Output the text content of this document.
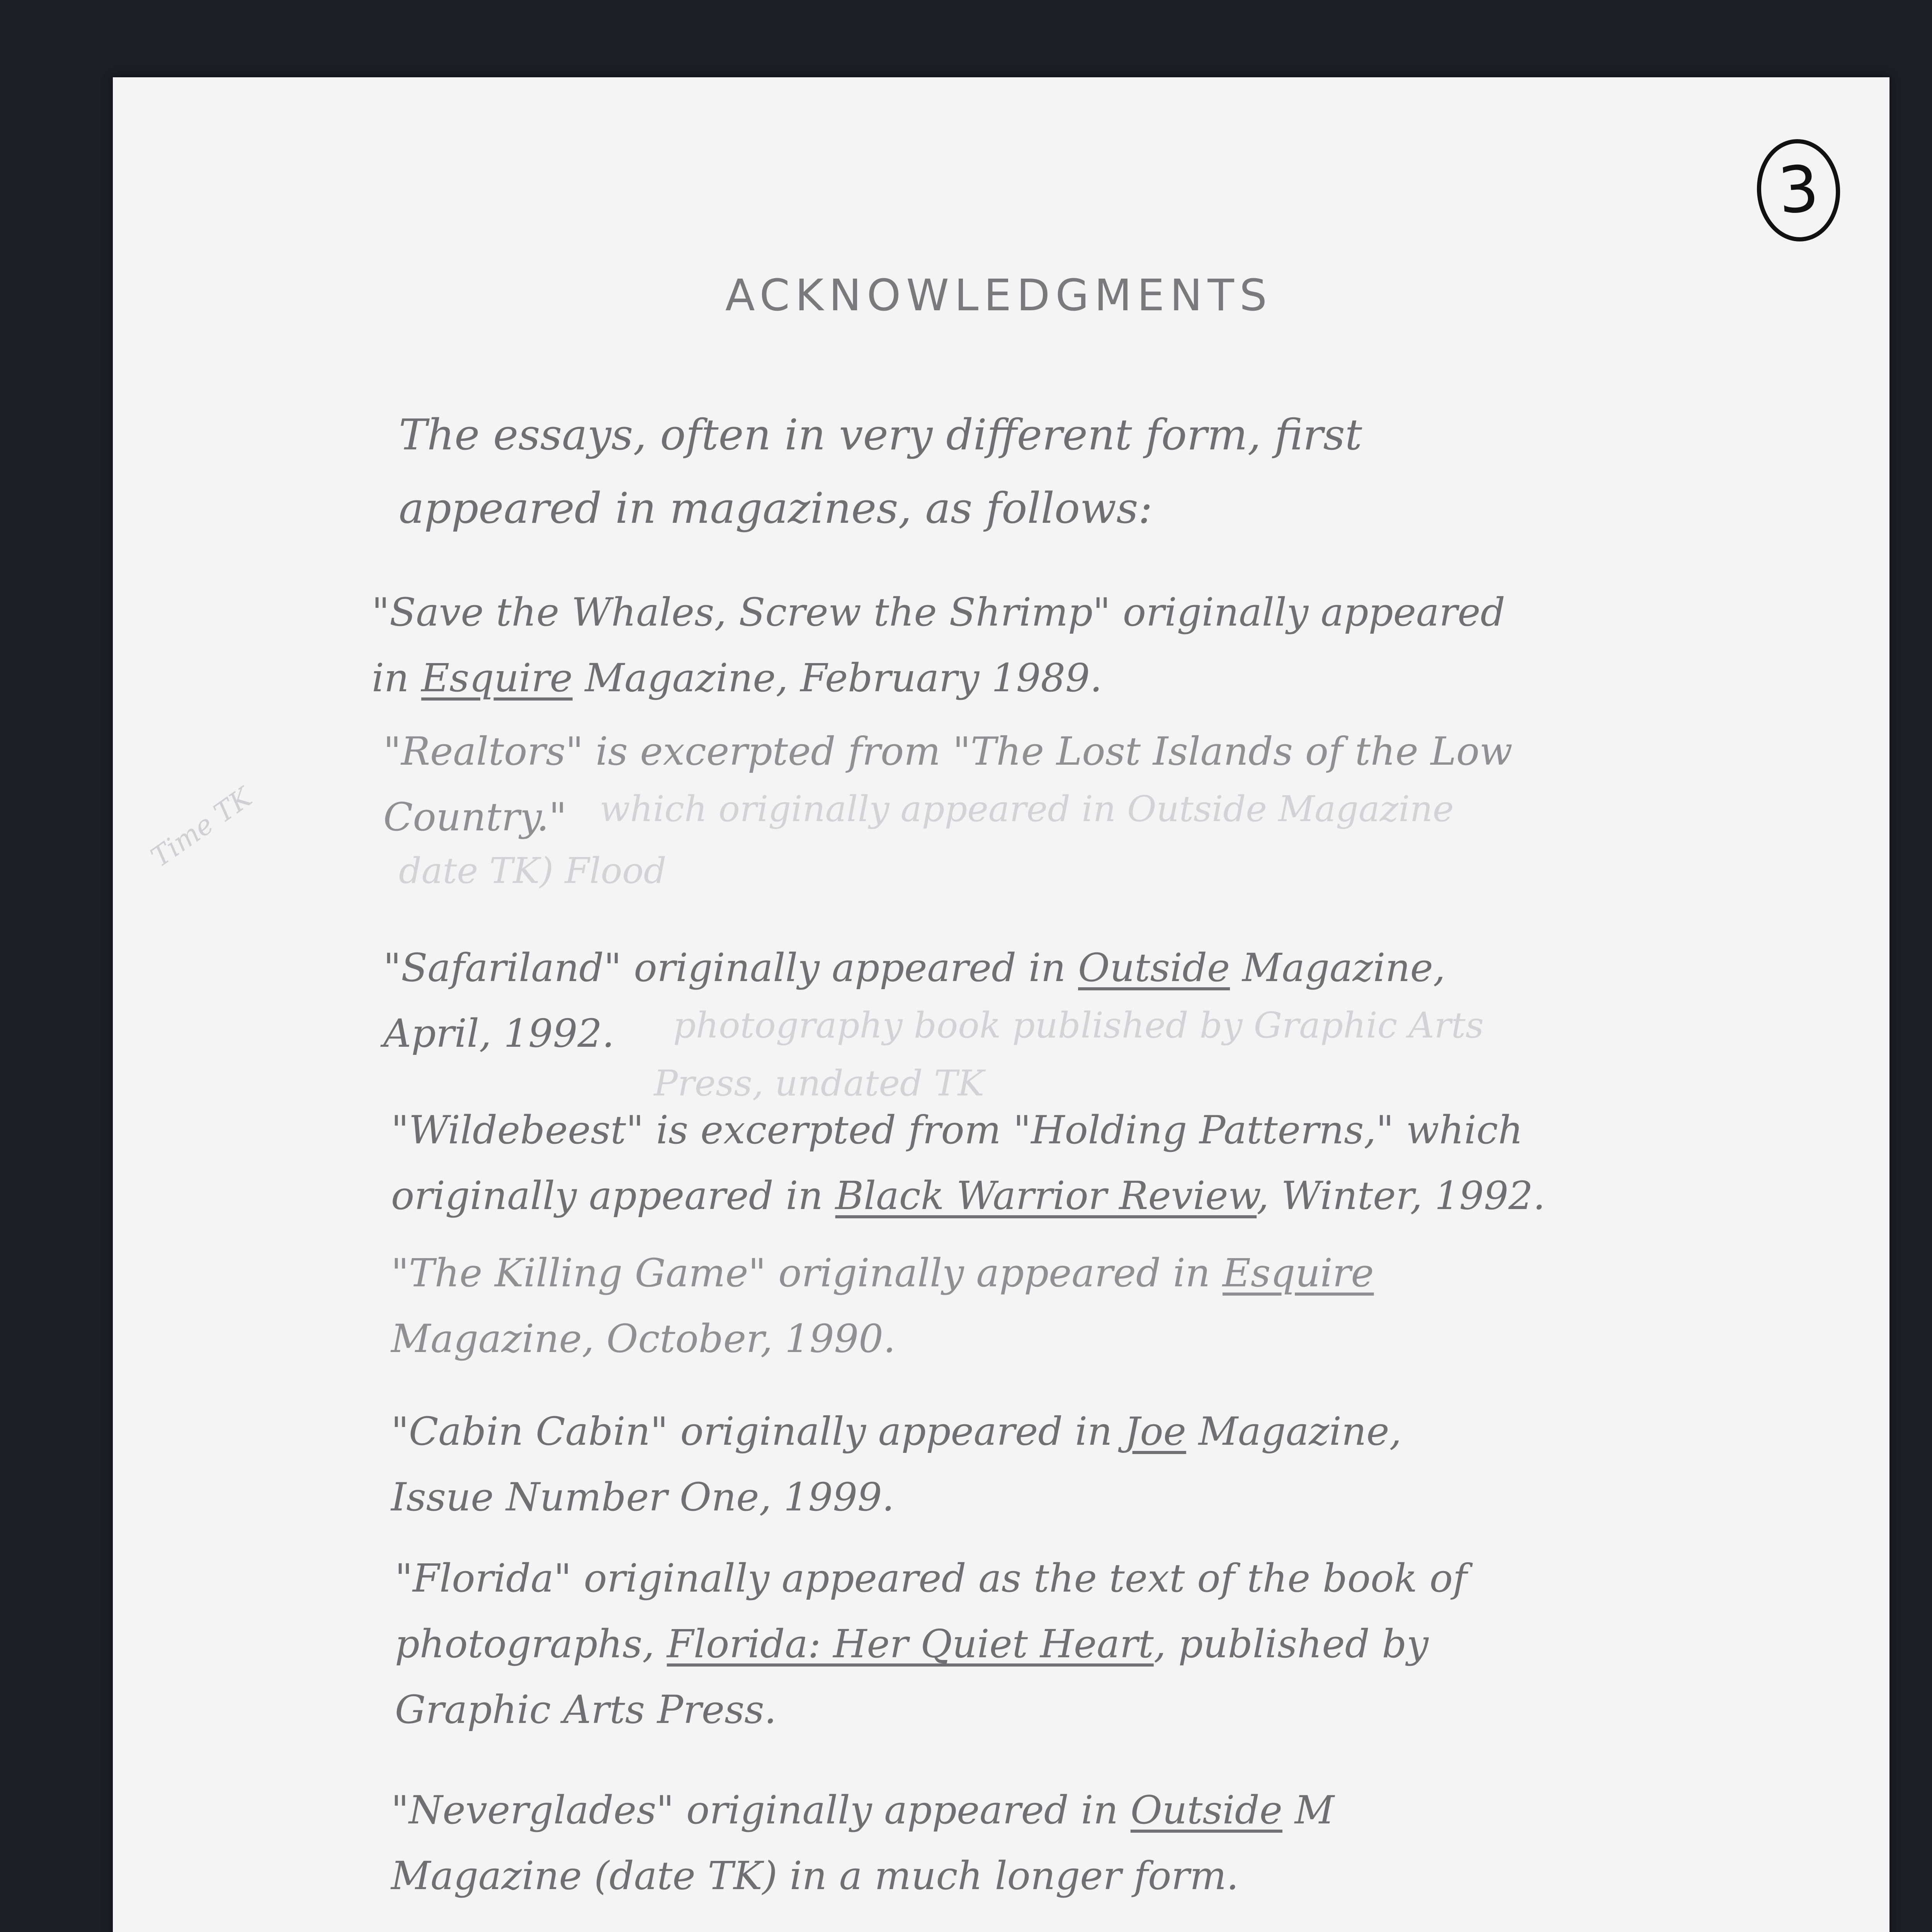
3
ACKNOWLEDGMENTS
The essays, often in very different form, first
appeared in magazines, as follows:
"Save the Whales, Screw the Shrimp" originally appeared
in Esquire Magazine, February 1989.
"Realtors" is excerpted from "The Lost Islands of the Low
Country." which originally appeared in Outside Magazine
date TK) Flood
"Safariland" originally appeared in Outside Magazine,
April, 1992.	photography book published by Graphic Arts
Press, undated TK
"Wildebeest" is excerpted from "Holding Patterns," which
originally appeared in Black Warrior Review, Winter, 1992.
"The Killing Game" originally appeared in Esquire
Magazine, October, 1990.
"Cabin Cabin" originally appeared in Joe Magazine,
Issue Number One, 1999.
"Florida" originally appeared as the text of the book of
photographs, Florida: Her Quiet Heart, published by
Graphic Arts Press.
"Neverglades" originally appeared in Outside M
Magazine (date TK) in a much longer form.
Time TK
